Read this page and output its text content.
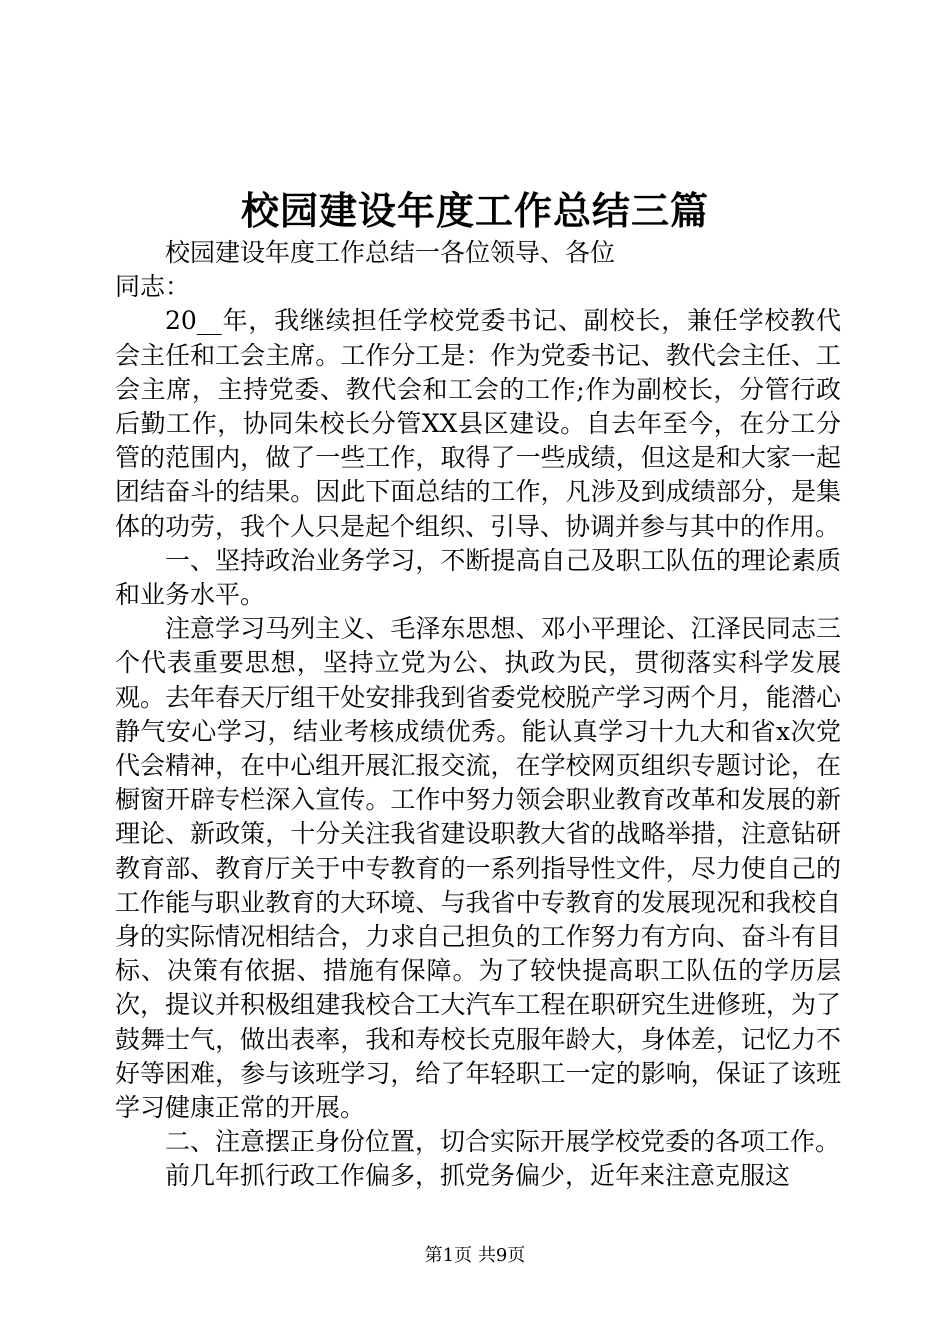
校园建设年度工作总结三篇

校园建设年度工作总结一各位领导、各位
同志：

20__年，我继续担任学校党委书记、副校长，兼任学校教代会主任和工会主席。工作分工是：作为党委书记、教代会主任、工会主席，主持党委、教代会和工会的工作;作为副校长，分管行政后勤工作，协同朱校长分管XX县区建设。自去年至今，在分工分管的范围内，做了一些工作，取得了一些成绩，但这是和大家一起团结奋斗的结果。因此下面总结的工作，凡涉及到成绩部分，是集体的功劳，我个人只是起个组织、引导、协调并参与其中的作用。

一、坚持政治业务学习，不断提高自己及职工队伍的理论素质和业务水平。

注意学习马列主义、毛泽东思想、邓小平理论、江泽民同志三个代表重要思想，坚持立党为公、执政为民，贯彻落实科学发展观。去年春天厅组干处安排我到省委党校脱产学习两个月，能潜心静气安心学习，结业考核成绩优秀。能认真学习十九大和省x次党代会精神，在中心组开展汇报交流，在学校网页组织专题讨论，在橱窗开辟专栏深入宣传。工作中努力领会职业教育改革和发展的新理论、新政策，十分关注我省建设职教大省的战略举措，注意钻研教育部、教育厅关于中专教育的一系列指导性文件，尽力使自己的工作能与职业教育的大环境、与我省中专教育的发展现况和我校自身的实际情况相结合，力求自己担负的工作努力有方向、奋斗有目标、决策有依据、措施有保障。为了较快提高职工队伍的学历层次，提议并积极组建我校合工大汽车工程在职研究生进修班，为了鼓舞士气，做出表率，我和寿校长克服年龄大，身体差，记忆力不好等困难，参与该班学习，给了年轻职工一定的影响，保证了该班学习健康正常的开展。

二、注意摆正身份位置，切合实际开展学校党委的各项工作。

前几年抓行政工作偏多，抓党务偏少，近年来注意克服这

第1页 共9页
